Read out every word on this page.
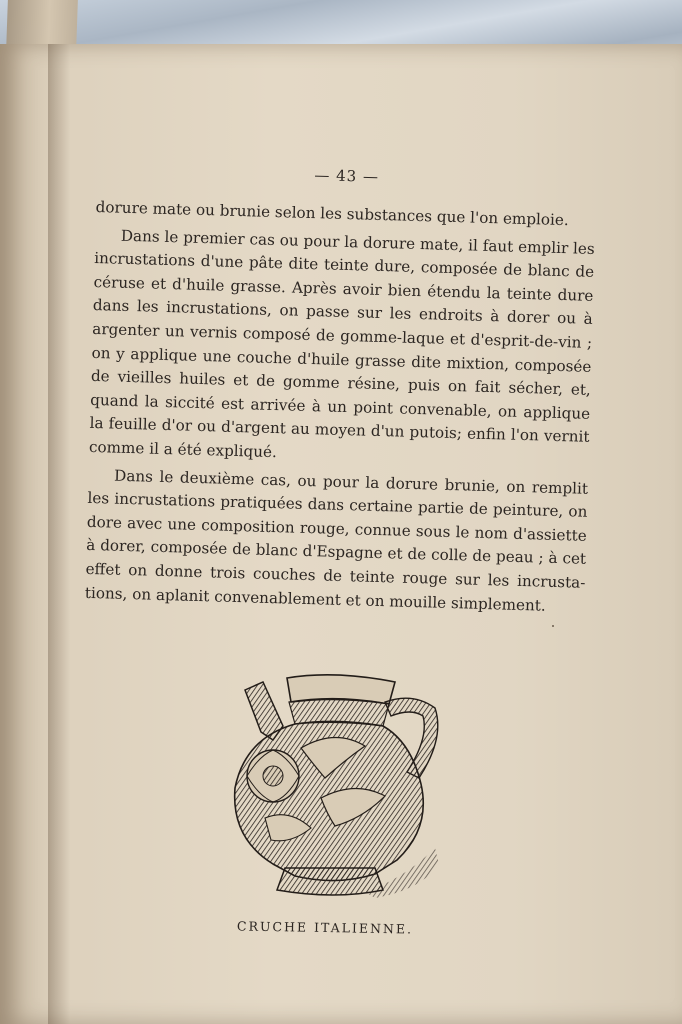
— 43 —

dorure mate ou brunie selon les substances que l'on emploie.

Dans le premier cas ou pour la dorure mate, il faut emplir les incrustations d'une pâte dite teinte dure, composée de blanc de céruse et d'huile grasse. Après avoir bien étendu la teinte dure dans les incrustations, on passe sur les endroits à dorer ou à argenter un vernis composé de gomme-laque et d'esprit-de-vin ; on y applique une couche d'huile grasse dite mixtion, composée de vieilles huiles et de gomme résine, puis on fait sécher, et, quand la siccité est arrivée à un point convenable, on applique la feuille d'or ou d'argent au moyen d'un putois; enfin l'on vernit comme il a été expliqué.

Dans le deuxième cas, ou pour la dorure brunie, on remplit les incrustations pratiquées dans certaine partie de peinture, on dore avec une composition rouge, connue sous le nom d'assiette à dorer, composée de blanc d'Espagne et de colle de peau ; à cet effet on donne trois couches de teinte rouge sur les incrusta-tions, on aplanit convenablement et on mouille simplement.

CRUCHE ITALIENNE.
